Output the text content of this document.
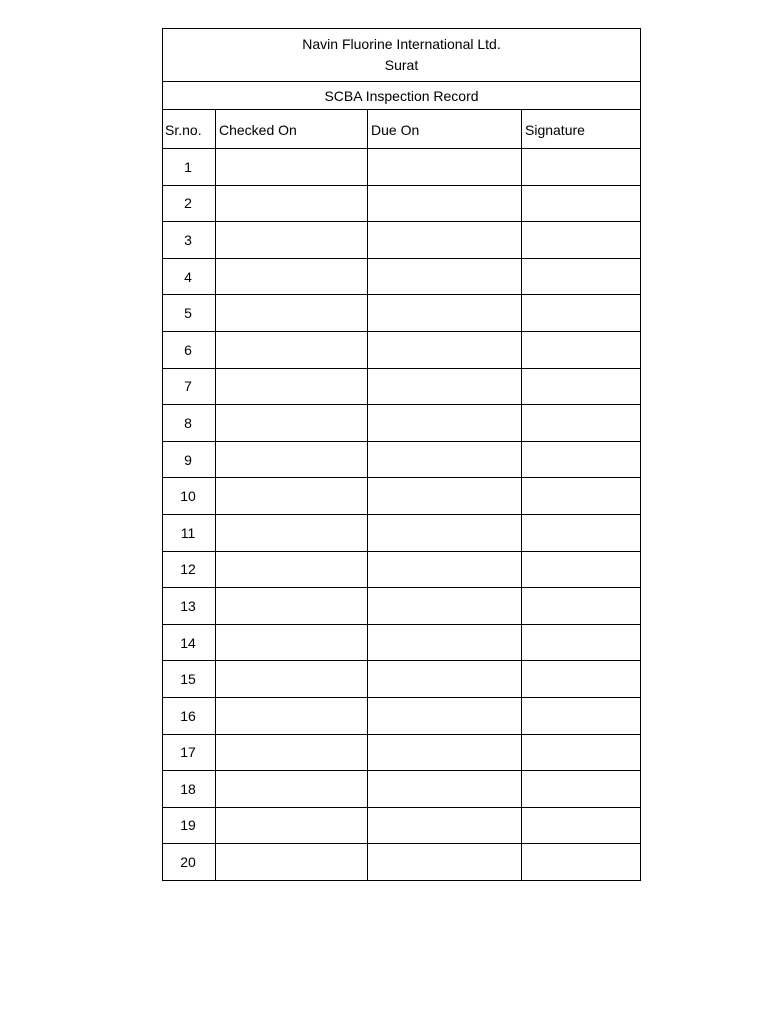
Navin Fluorine International Ltd.
Surat			

SCBA Inspection Record			
Sr.no.	Checked On	Due On	Signature
1			
2			
3			
4			
5			
6			
7			
8			
9			
10			
11			
12			
13			
14			
15			
16			
17			
18			
19			
20			
